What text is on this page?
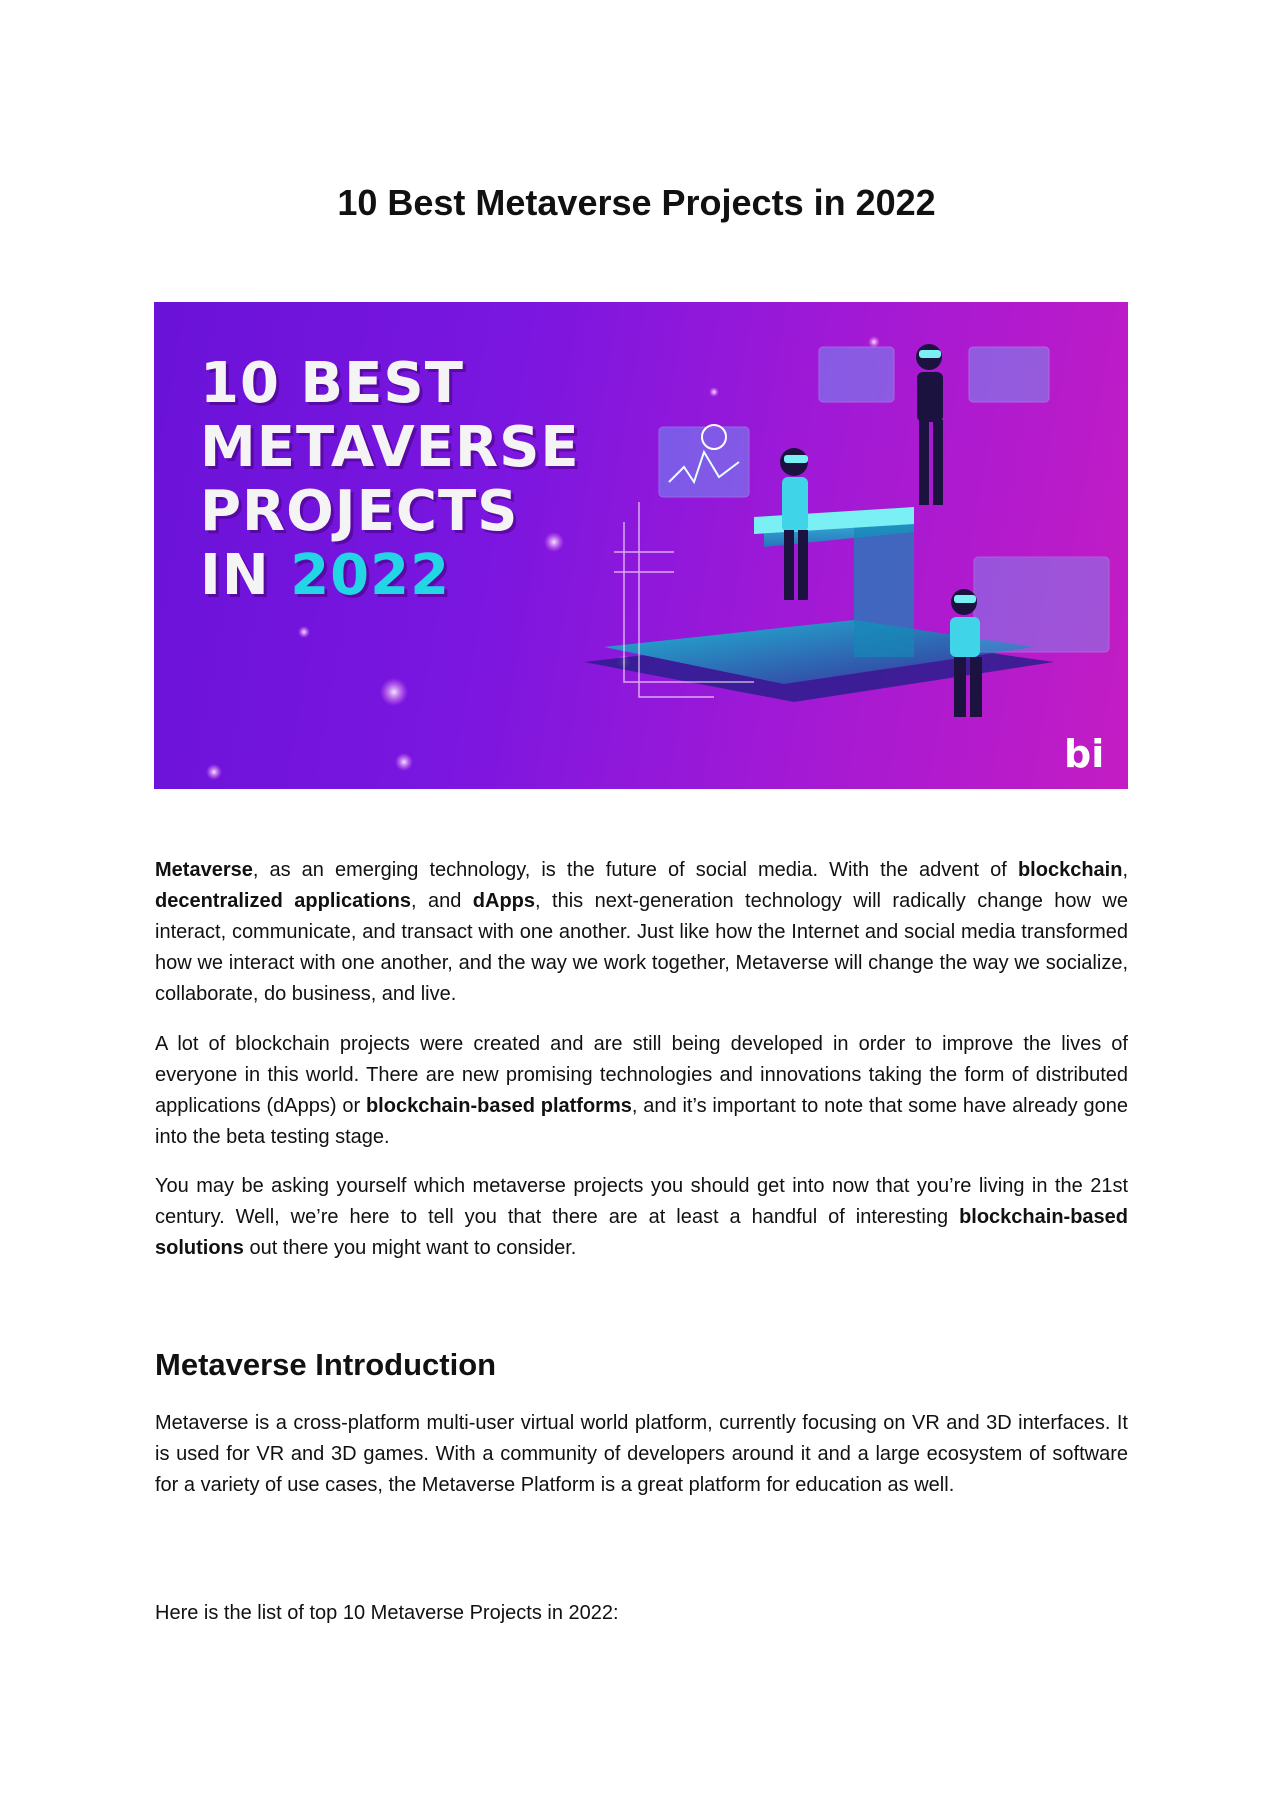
10 Best Metaverse Projects in 2022
bi
10 BEST
METAVERSE
PROJECTS
IN 2022

Metaverse, as an emerging technology, is the future of social media. With the advent of blockchain, decentralized applications, and dApps, this next-generation technology will radically change how we interact, communicate, and transact with one another. Just like how the Internet and social media transformed how we interact with one another, and the way we work together, Metaverse will change the way we socialize, collaborate, do business, and live.

A lot of blockchain projects were created and are still being developed in order to improve the lives of everyone in this world. There are new promising technologies and innovations taking the form of distributed applications (dApps) or blockchain-based platforms, and it’s important to note that some have already gone into the beta testing stage.

You may be asking yourself which metaverse projects you should get into now that you’re living in the 21st century. Well, we’re here to tell you that there are at least a handful of interesting blockchain-based solutions out there you might want to consider.

Metaverse Introduction

Metaverse is a cross-platform multi-user virtual world platform, currently focusing on VR and 3D interfaces. It is used for VR and 3D games. With a community of developers around it and a large ecosystem of software for a variety of use cases, the Metaverse Platform is a great platform for education as well.

Here is the list of top 10 Metaverse Projects in 2022:
